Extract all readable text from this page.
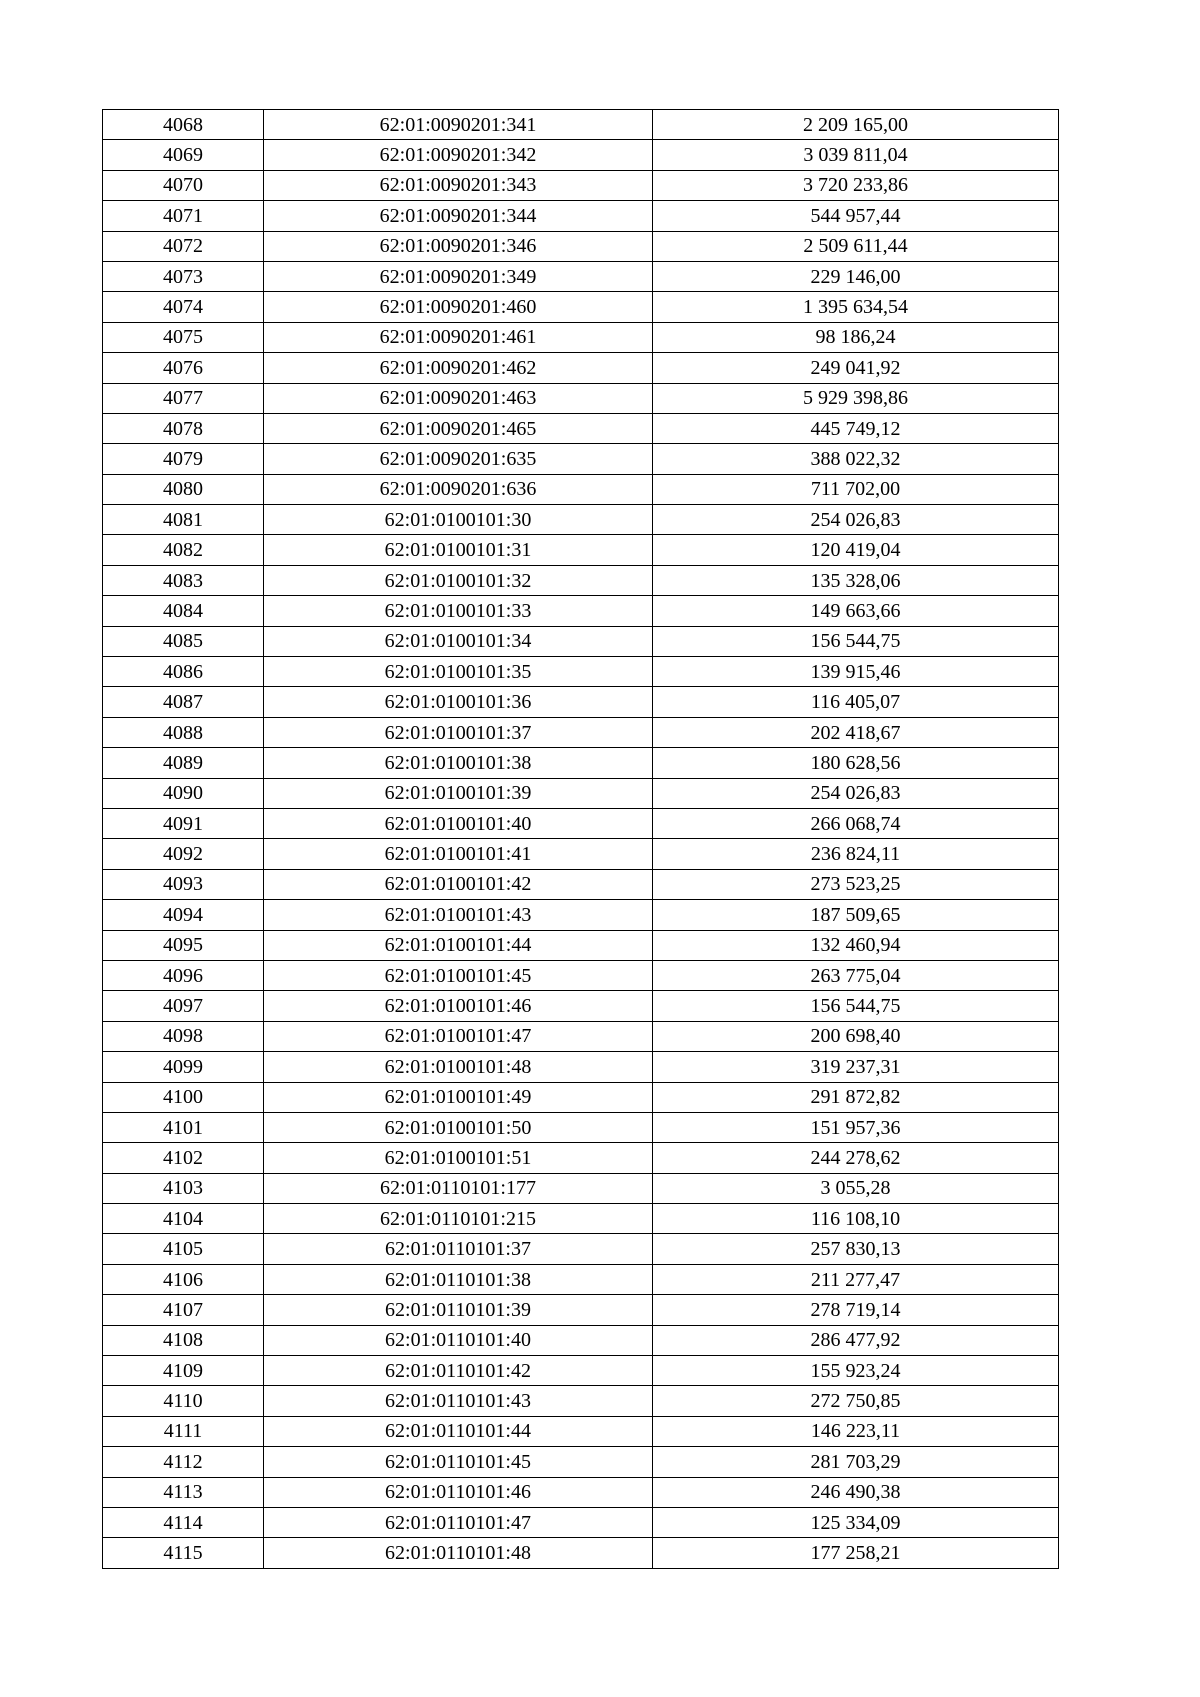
4068	62:01:0090201:341	2 209 165,00
4069	62:01:0090201:342	3 039 811,04
4070	62:01:0090201:343	3 720 233,86
4071	62:01:0090201:344	544 957,44
4072	62:01:0090201:346	2 509 611,44
4073	62:01:0090201:349	229 146,00
4074	62:01:0090201:460	1 395 634,54
4075	62:01:0090201:461	98 186,24
4076	62:01:0090201:462	249 041,92
4077	62:01:0090201:463	5 929 398,86
4078	62:01:0090201:465	445 749,12
4079	62:01:0090201:635	388 022,32
4080	62:01:0090201:636	711 702,00
4081	62:01:0100101:30	254 026,83
4082	62:01:0100101:31	120 419,04
4083	62:01:0100101:32	135 328,06
4084	62:01:0100101:33	149 663,66
4085	62:01:0100101:34	156 544,75
4086	62:01:0100101:35	139 915,46
4087	62:01:0100101:36	116 405,07
4088	62:01:0100101:37	202 418,67
4089	62:01:0100101:38	180 628,56
4090	62:01:0100101:39	254 026,83
4091	62:01:0100101:40	266 068,74
4092	62:01:0100101:41	236 824,11
4093	62:01:0100101:42	273 523,25
4094	62:01:0100101:43	187 509,65
4095	62:01:0100101:44	132 460,94
4096	62:01:0100101:45	263 775,04
4097	62:01:0100101:46	156 544,75
4098	62:01:0100101:47	200 698,40
4099	62:01:0100101:48	319 237,31
4100	62:01:0100101:49	291 872,82
4101	62:01:0100101:50	151 957,36
4102	62:01:0100101:51	244 278,62
4103	62:01:0110101:177	3 055,28
4104	62:01:0110101:215	116 108,10
4105	62:01:0110101:37	257 830,13
4106	62:01:0110101:38	211 277,47
4107	62:01:0110101:39	278 719,14
4108	62:01:0110101:40	286 477,92
4109	62:01:0110101:42	155 923,24
4110	62:01:0110101:43	272 750,85
4111	62:01:0110101:44	146 223,11
4112	62:01:0110101:45	281 703,29
4113	62:01:0110101:46	246 490,38
4114	62:01:0110101:47	125 334,09
4115	62:01:0110101:48	177 258,21
